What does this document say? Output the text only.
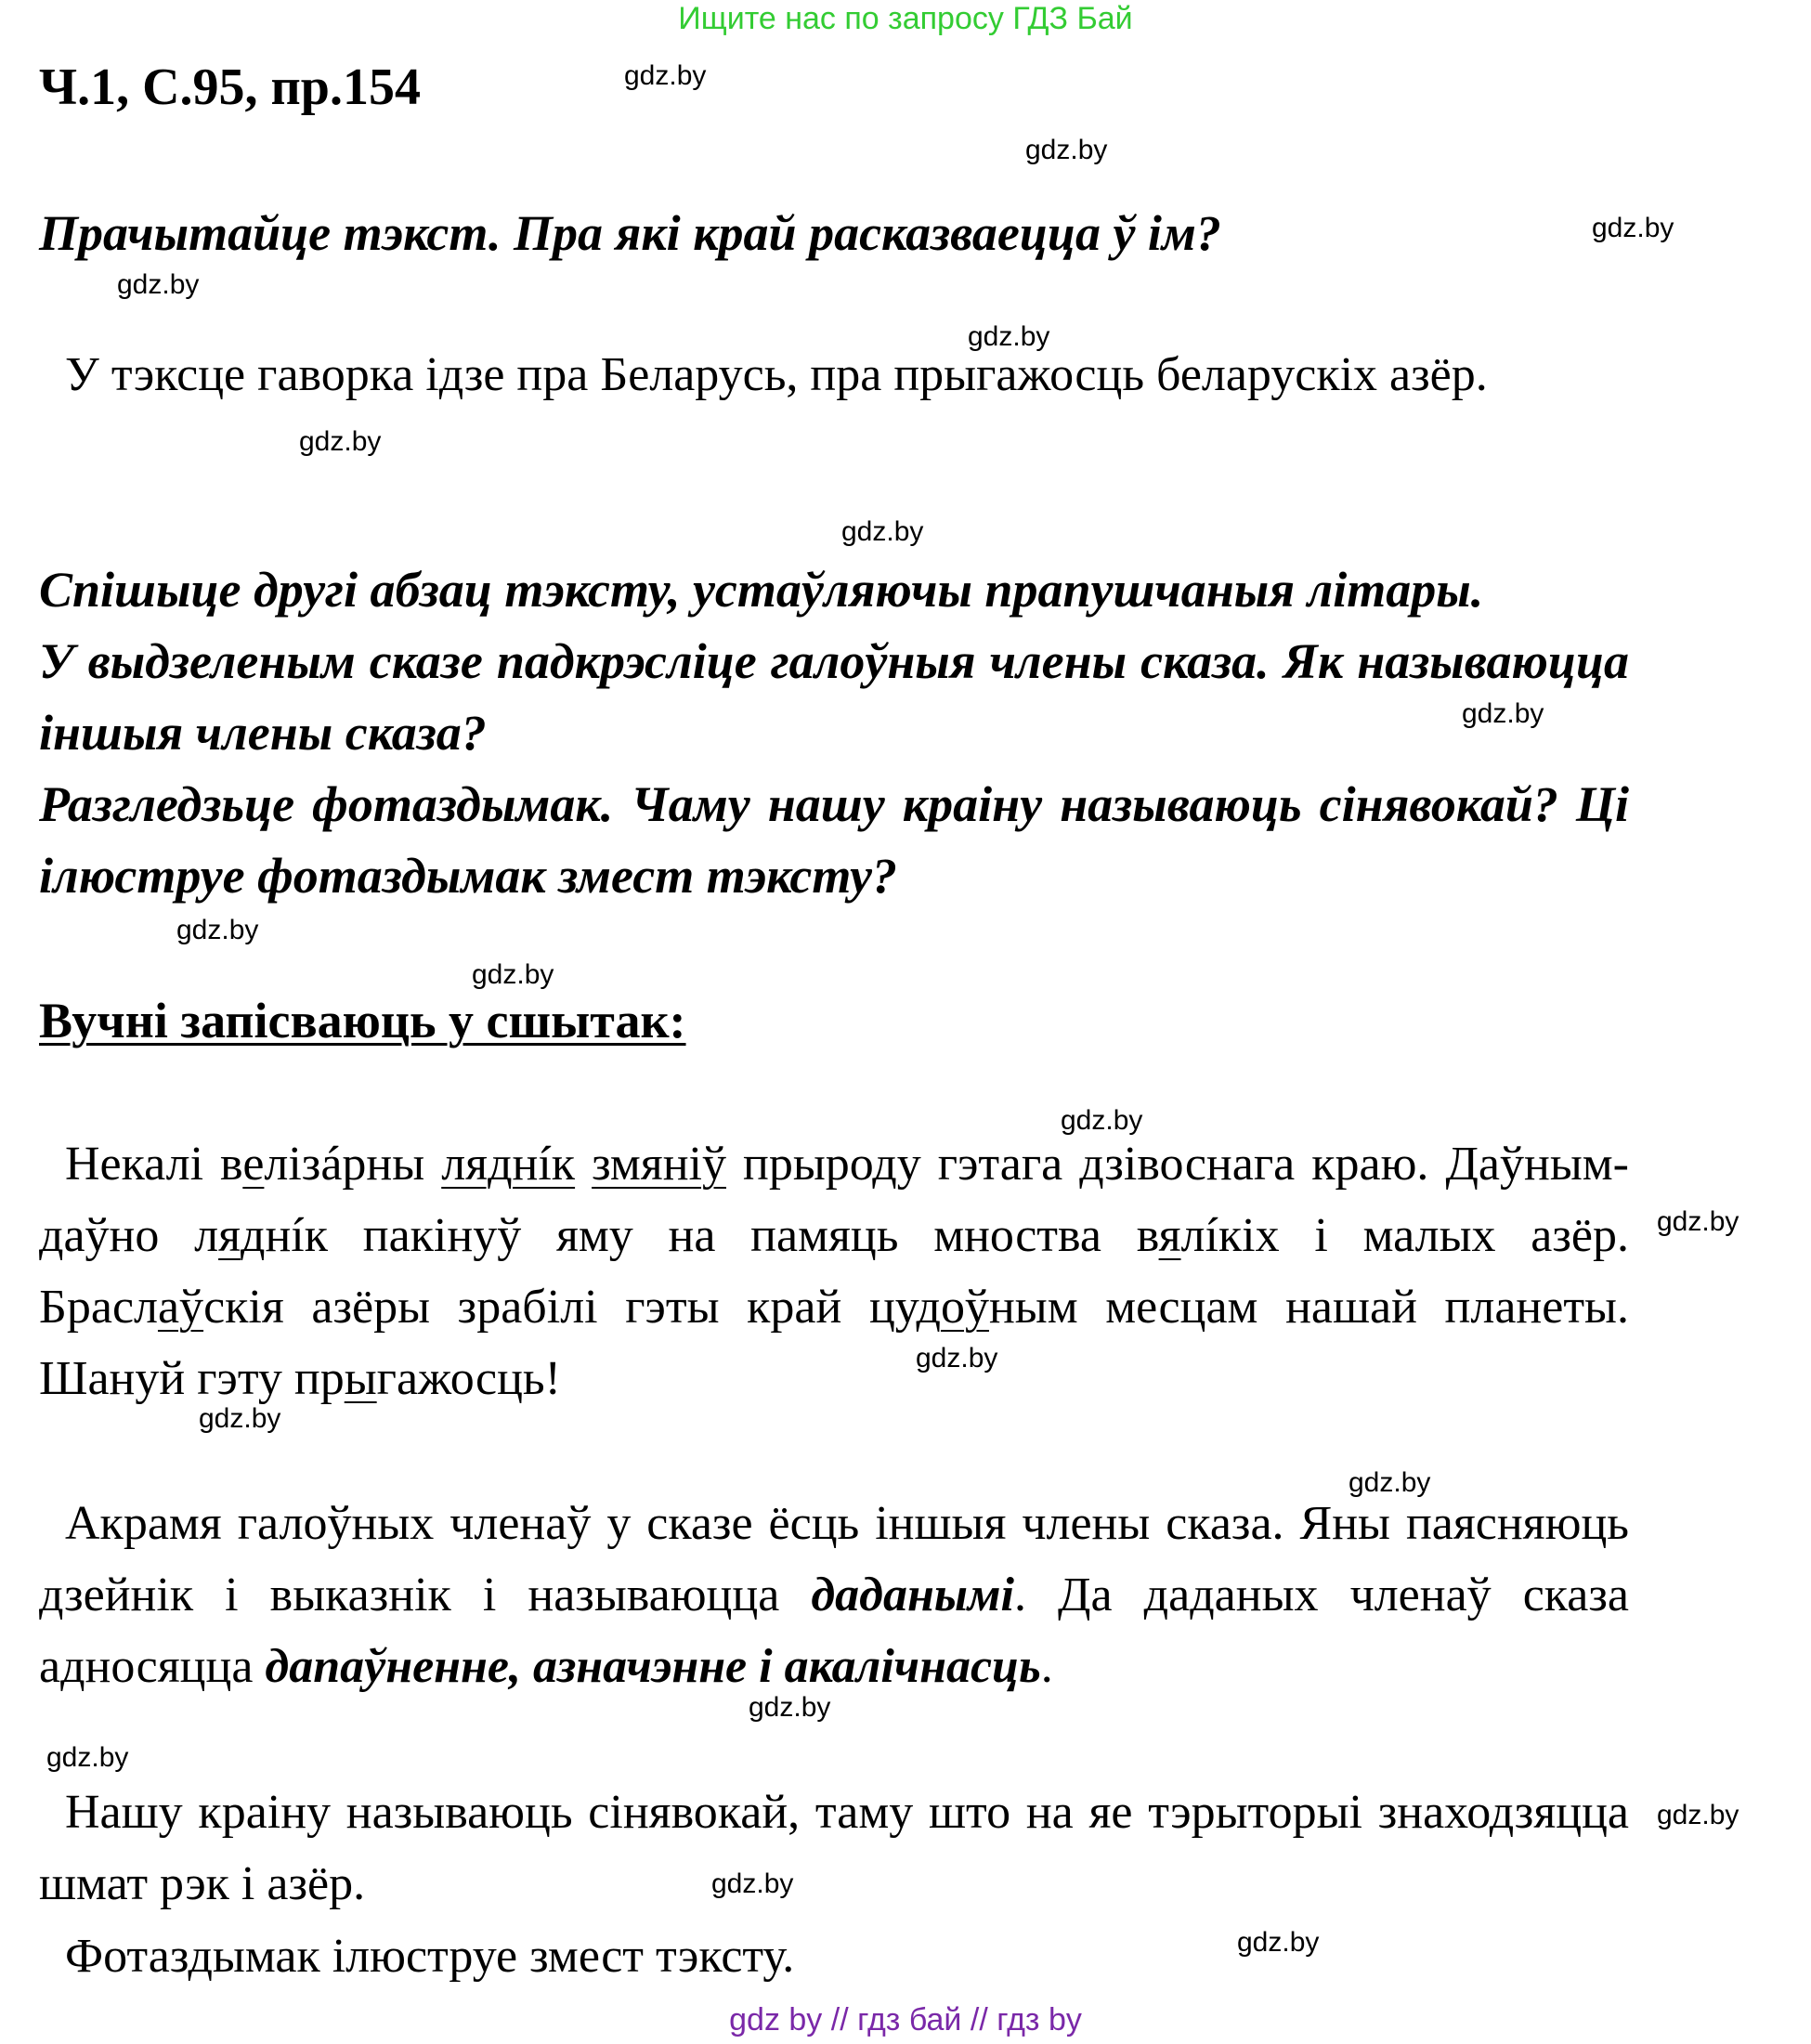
Ищите нас по запросу ГДЗ Бай
Ч.1, С.95, пр.154

Прачытайце тэкст. Пра які край расказваецца ў ім?

У тэксце гаворка ідзе пра Беларусь, пра прыгажосць беларускіх азёр.

Спішыце другі абзац тэксту, устаўляючы прапушчаныя літары.
У выдзеленым сказе падкрэсліце галоўныя члены сказа. Як называюцца іншыя члены сказа?
Разгледзьце фотаздымак. Чаму нашу краіну называюць сінявокай? Ці ілюструе фотаздымак змест тэксту?
Вучні запісваюць у сшытак:

Некалі велізáрны ляднíк змяніў прыроду гэтага дзівоснага краю. Даўным-даўно ляднíк пакінуў яму на памяць мноства вялíкіх і малых азёр. Браслаўскія азёры зрабілі гэты край цудоўным месцам нашай планеты. Шануй гэту прыгажосць!

Акрамя галоўных членаў у сказе ёсць іншыя члены сказа. Яны паясняюць дзейнік і выказнік і называюцца даданымі. Да даданых членаў сказа адносяцца дапаўненне, азначэнне і акалічнасць.

Нашу краіну называюць сінявокай, таму што на яе тэрыторыі знаходзяцца шмат рэк і азёр.

Фотаздымак ілюструе змест тэксту.

gdz.by
gdz.by
gdz.by
gdz.by
gdz.by
gdz.by
gdz.by
gdz.by
gdz.by
gdz.by
gdz.by
gdz.by
gdz.by
gdz.by
gdz.by
gdz.by
gdz.by
gdz.by
gdz.by
gdz.by
gdz by // гдз бай // гдз by
